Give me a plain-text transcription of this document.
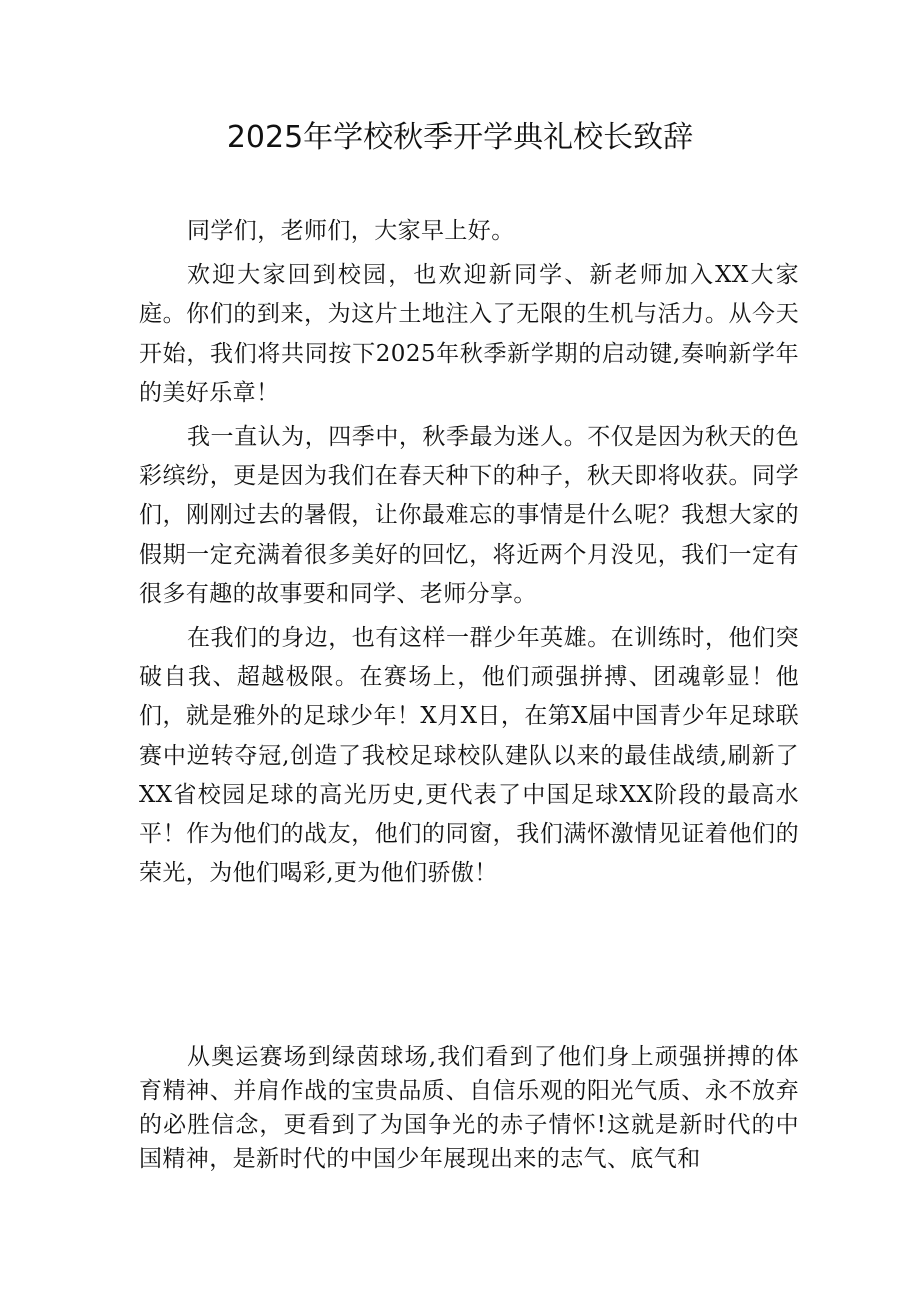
2025年学校秋季开学典礼校长致辞

同学们，老师们，大家早上好。

欢迎大家回到校园，也欢迎新同学、新老师加入XX大家庭。你们的到来，为这片土地注入了无限的生机与活力。从今天开始，我们将共同按下2025年秋季新学期的启动键,奏响新学年的美好乐章！

我一直认为，四季中，秋季最为迷人。不仅是因为秋天的色彩缤纷，更是因为我们在春天种下的种子，秋天即将收获。同学们，刚刚过去的暑假，让你最难忘的事情是什么呢？我想大家的假期一定充满着很多美好的回忆，将近两个月没见，我们一定有很多有趣的故事要和同学、老师分享。

在我们的身边，也有这样一群少年英雄。在训练时，他们突破自我、超越极限。在赛场上，他们顽强拼搏、团魂彰显！他们，就是雅外的足球少年！X月X日，在第X届中国青少年足球联赛中逆转夺冠,创造了我校足球校队建队以来的最佳战绩,刷新了XX省校园足球的高光历史,更代表了中国足球XX阶段的最高水平！作为他们的战友，他们的同窗，我们满怀激情见证着他们的荣光，为他们喝彩,更为他们骄傲！

从奥运赛场到绿茵球场,我们看到了他们身上顽强拼搏的体育精神、并肩作战的宝贵品质、自信乐观的阳光气质、永不放弃的必胜信念，更看到了为国争光的赤子情怀!这就是新时代的中国精神，是新时代的中国少年展现出来的志气、底气和
